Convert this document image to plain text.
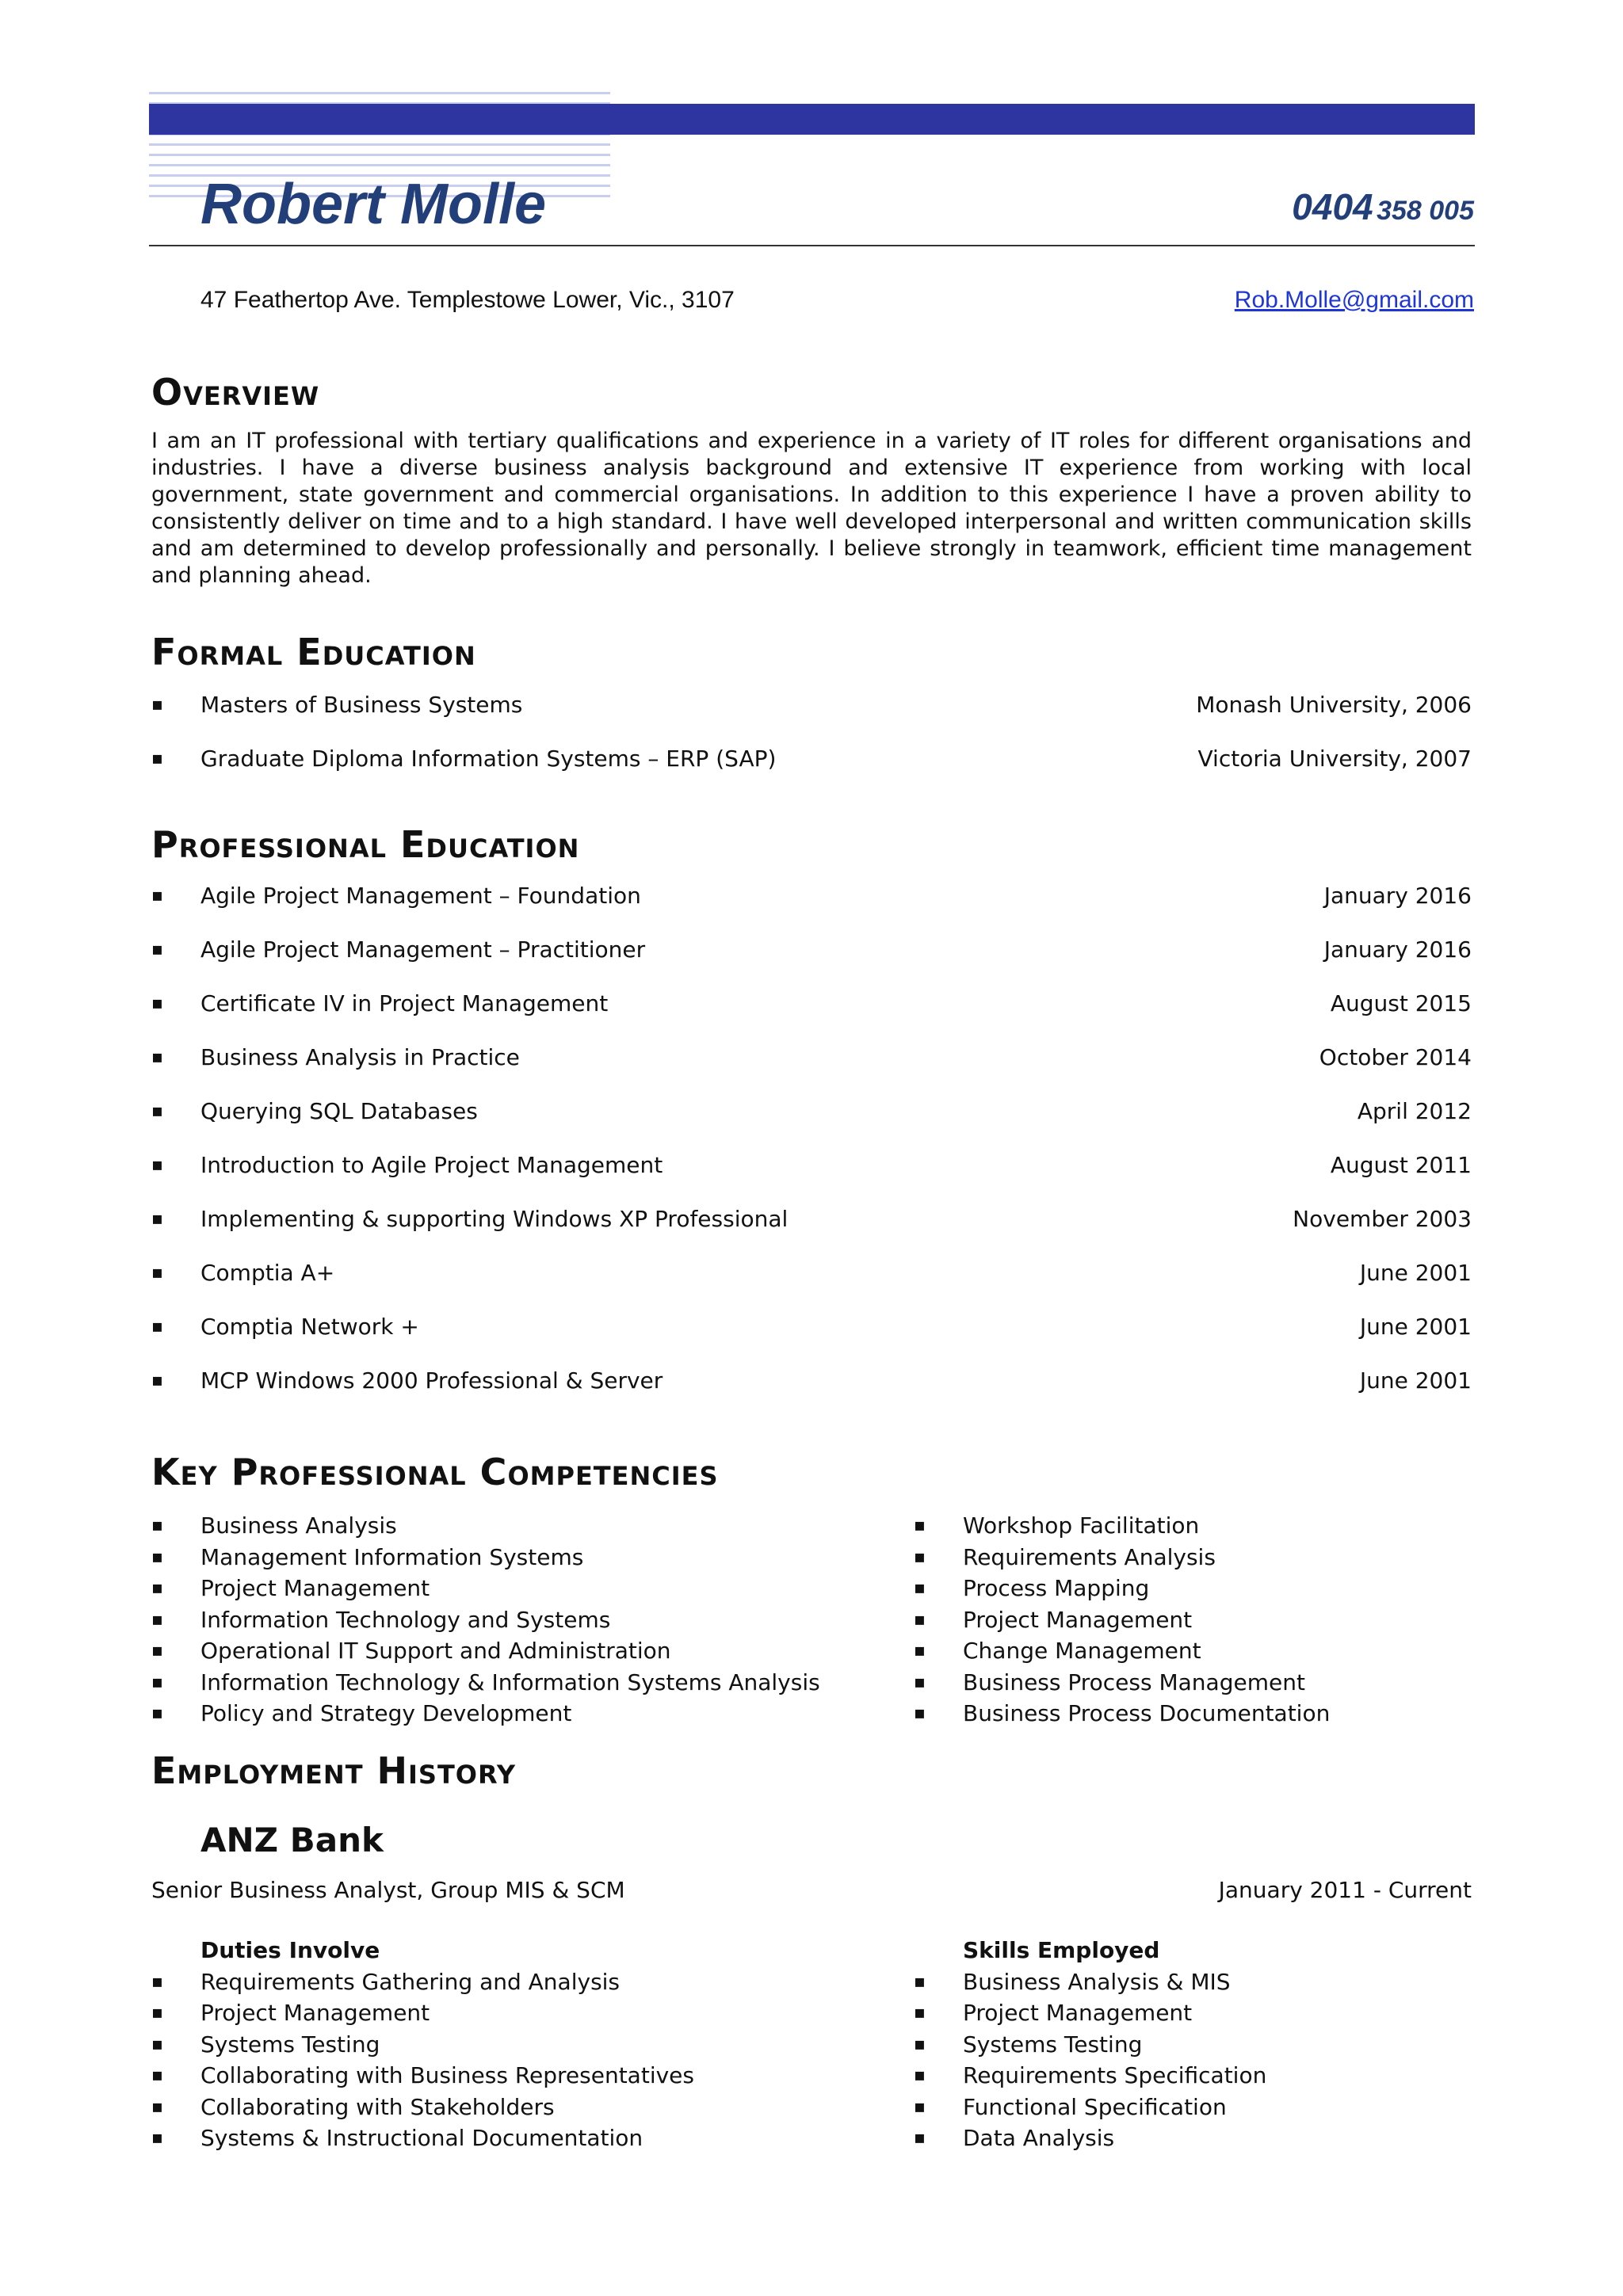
Robert Molle	0404 358 005
47 Feathertop Ave. Templestowe Lower, Vic., 3107	Rob.Molle@gmail.com
Overview
I am an IT professional with tertiary qualifications and experience in a variety of IT roles for different organisations and industries. I have a diverse business analysis background and extensive IT experience from working with local government, state government and commercial organisations. In addition to this experience I have a proven ability to consistently deliver on time and to a high standard. I have well developed interpersonal and written communication skills and am determined to develop professionally and personally. I believe strongly in teamwork, efficient time management and planning ahead.
Formal Education
▪ Masters of Business Systems	Monash University, 2006
▪ Graduate Diploma Information Systems – ERP (SAP)	Victoria University, 2007
Professional Education
▪ Agile Project Management – Foundation	January 2016
▪ Agile Project Management – Practitioner	January 2016
▪ Certificate IV in Project Management	August 2015
▪ Business Analysis in Practice	October 2014
▪ Querying SQL Databases	April 2012
▪ Introduction to Agile Project Management	August 2011
▪ Implementing & supporting Windows XP Professional	November 2003
▪ Comptia A+	June 2001
▪ Comptia Network +	June 2001
▪ MCP Windows 2000 Professional & Server	June 2001
Key Professional Competencies
▪ Business Analysis
▪ Management Information Systems
▪ Project Management
▪ Information Technology and Systems
▪ Operational IT Support and Administration
▪ Information Technology & Information Systems Analysis
▪ Policy and Strategy Development
▪ Workshop Facilitation
▪ Requirements Analysis
▪ Process Mapping
▪ Project Management
▪ Change Management
▪ Business Process Management
▪ Business Process Documentation
Employment History
ANZ Bank
Senior Business Analyst, Group MIS & SCM	January 2011 - Current
Duties Involve
▪ Requirements Gathering and Analysis
▪ Project Management
▪ Systems Testing
▪ Collaborating with Business Representatives
▪ Collaborating with Stakeholders
▪ Systems & Instructional Documentation
Skills Employed
▪ Business Analysis & MIS
▪ Project Management
▪ Systems Testing
▪ Requirements Specification
▪ Functional Specification
▪ Data Analysis
